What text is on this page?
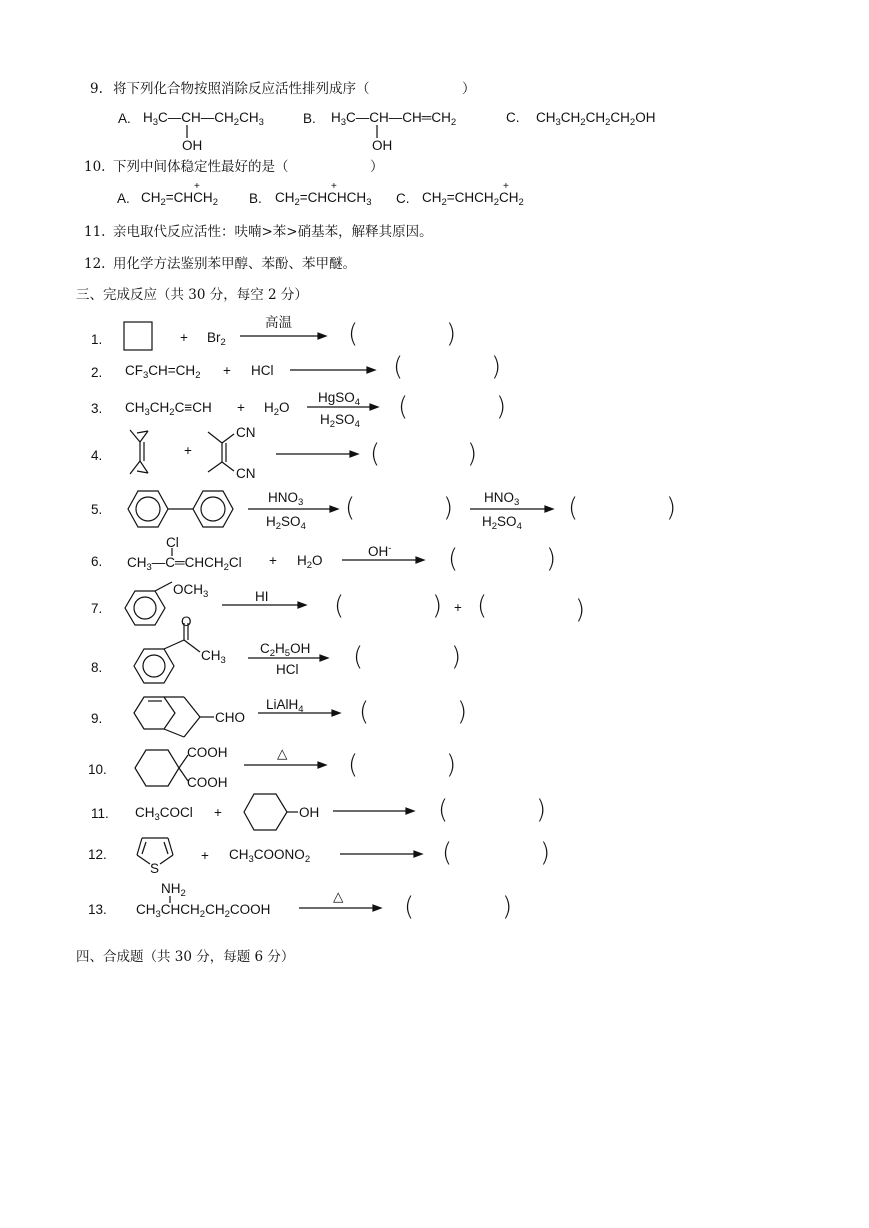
9. 将下列化合物按照消除反应活性排列成序（	）
A. $H_3C—CH—CH_2CH_3$
OH
B. $H_3C—CH—CH═CH_2$
OH
C. $CH_3CH_2CH_2CH_2OH$
10. 下列中间体稳定性最好的是（	）
A. $CH_2=CHCH_2$
+
B. $CH_2=CHCHCH_3$
+
C. $CH_2=CHCH_2CH_2$
+
11. 亲电取代反应活性：呋喃>苯>硝基苯，解释其原因。
12. 用化学方法鉴别苯甲醇、苯酚、苯甲醚。
三、完成反应（共 30 分，每空 2 分）
1.	+ $Br_2$
高温 (	)
2. $CF_3CH=CH_2$ + HCl	(	)
3. $CH_3CH_2C\equiv CH + H_2O$
HgSO$_4$
$H_2SO_4$
(	)
4.	+
CN
CN
(	)
5.
$HNO_3$
$H_2SO_4$
(	) $HNO_3$
$H_2SO_4$
(	)
6.
Cl
$CH_3—C═CHCH_2Cl + H_2O$
OH- (	)
7.
$OCH_3$	HI	(	) + (	)
8.
O
$CH_3$
$C_2H_5OH$
HCl (	)
9.	CHO
LiAlH$_4$ (	)
10.
COOH
COOH
△ (	)
11. $CH_3COCl$ +	OH	(	)
12.
S
+ $CH_3COONO_2$	(	)
13.
$NH_2$
$CH_3CHCH_2CH_2COOH$
△ (	)
四、合成题（共 30 分，每题 6 分）
